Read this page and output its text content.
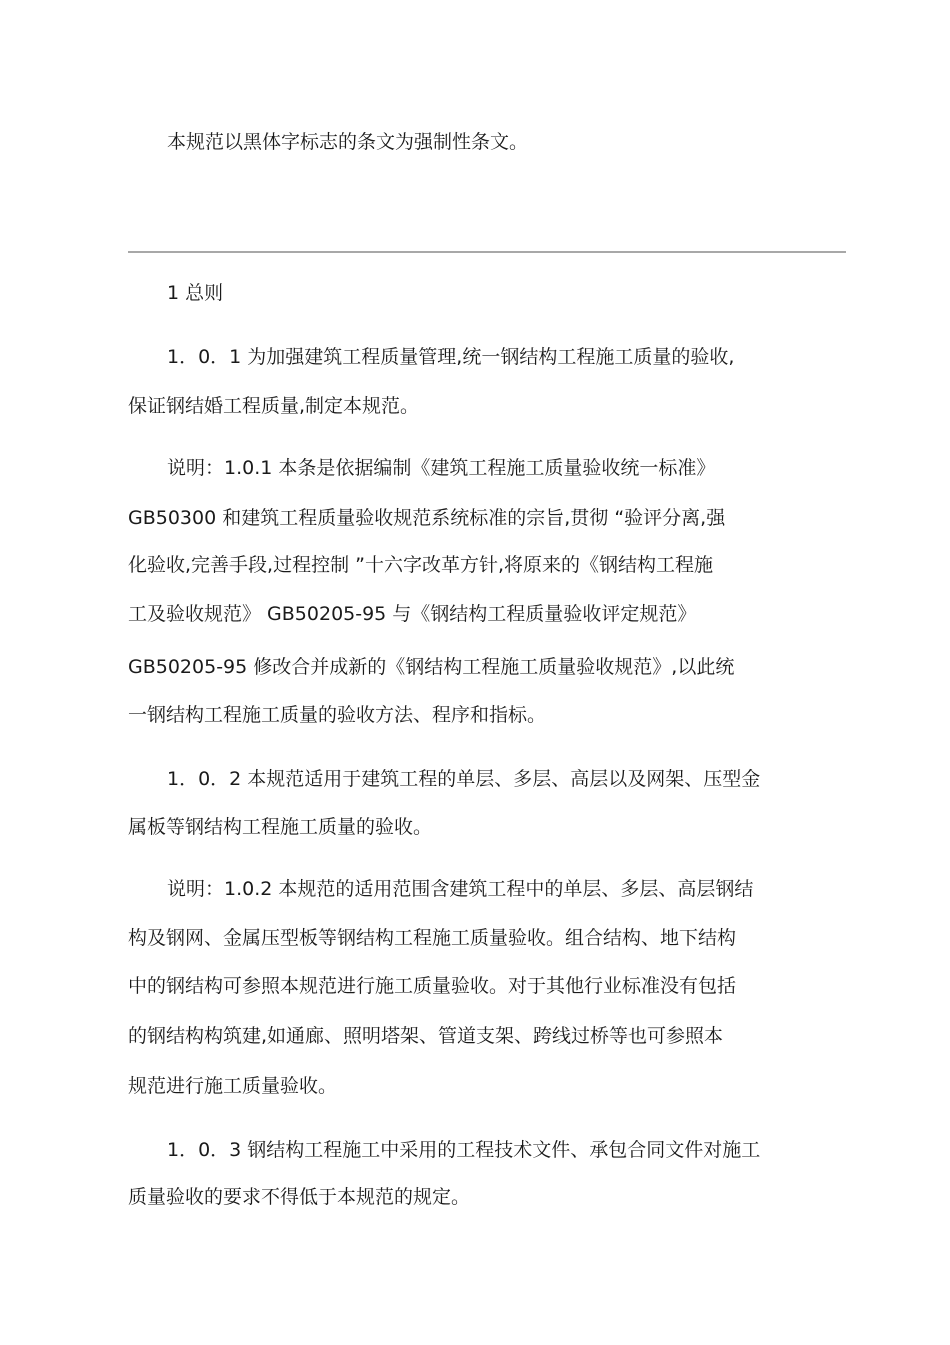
本规范以黑体字标志的条文为强制性条文。
1 总则
1．0．1 为加强建筑工程质量管理,统一钢结构工程施工质量的验收,
保证钢结婚工程质量,制定本规范。
说明：1.0.1 本条是依据编制《建筑工程施工质量验收统一标准》
GB50300 和建筑工程质量验收规范系统标准的宗旨,贯彻 “验评分离,强
化验收,完善手段,过程控制 ”十六字改革方针,将原来的《钢结构工程施
工及验收规范》 GB50205-95 与《钢结构工程质量验收评定规范》
GB50205-95 修改合并成新的《钢结构工程施工质量验收规范》,以此统
一钢结构工程施工质量的验收方法、程序和指标。
1．0．2 本规范适用于建筑工程的单层、多层、高层以及网架、压型金
属板等钢结构工程施工质量的验收。
说明：1.0.2 本规范的适用范围含建筑工程中的单层、多层、高层钢结
构及钢网、金属压型板等钢结构工程施工质量验收。组合结构、地下结构
中的钢结构可参照本规范进行施工质量验收。对于其他行业标准没有包括
的钢结构构筑建,如通廊、照明塔架、管道支架、跨线过桥等也可参照本
规范进行施工质量验收。
1．0．3 钢结构工程施工中采用的工程技术文件、承包合同文件对施工
质量验收的要求不得低于本规范的规定。
